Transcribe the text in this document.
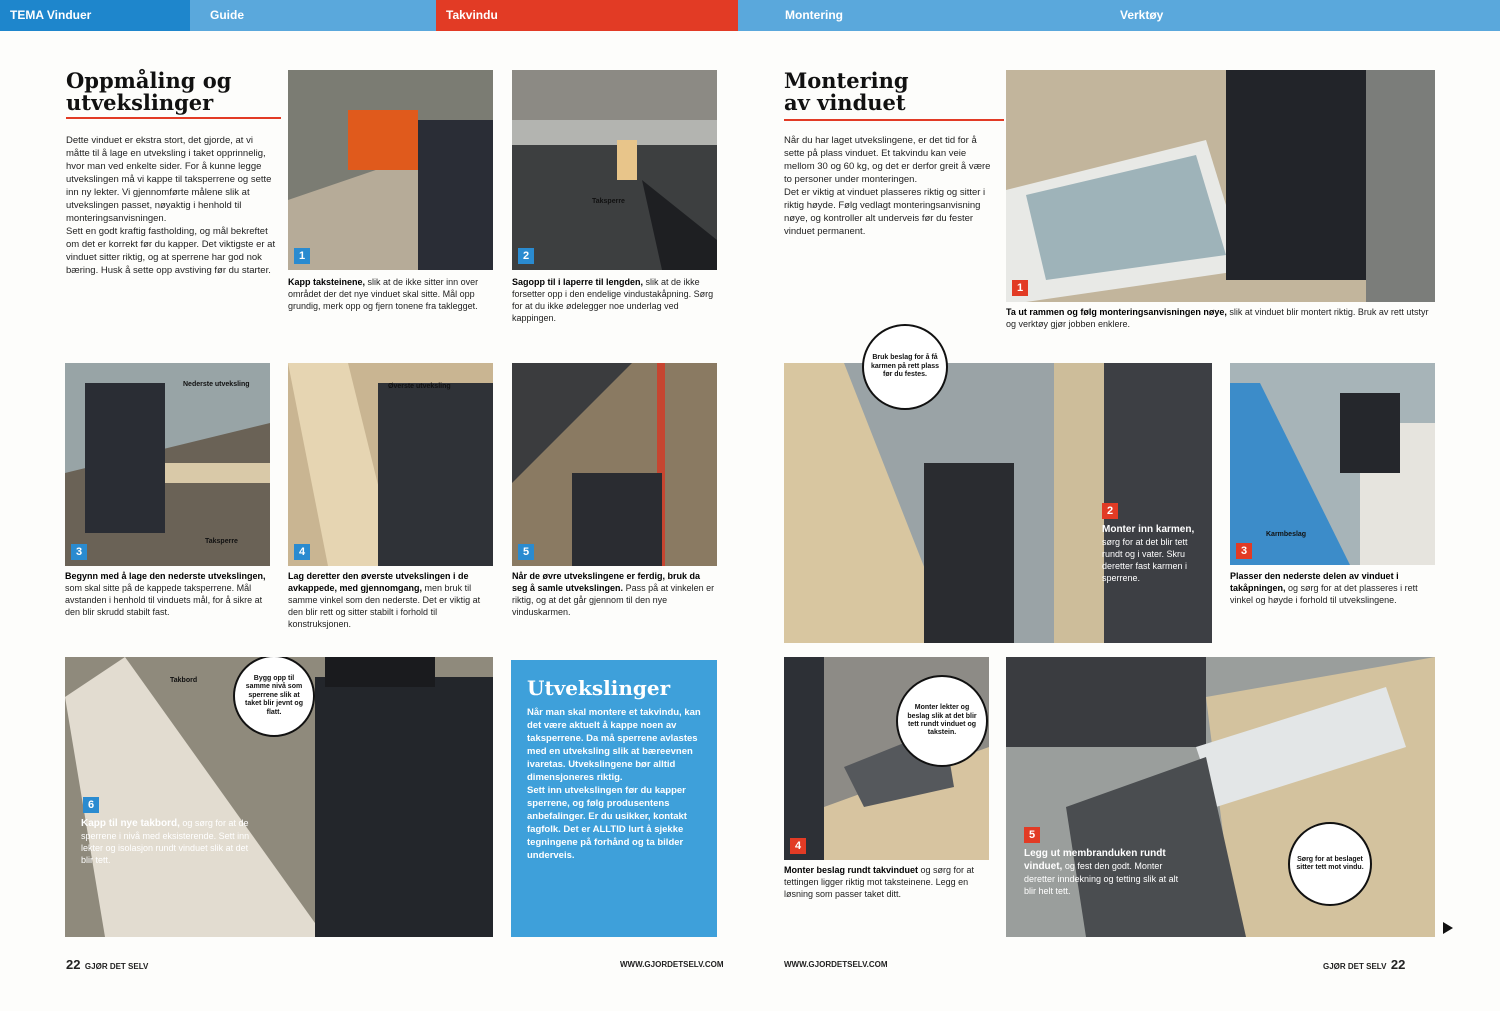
TEMA Vinduer	Guide	Takvindu	Montering	Verktøy
Oppmåling og
utvekslinger
Dette vinduet er ekstra stort, det gjorde, at vi måtte til å lage en utveksling i taket opprinnelig, hvor man ved enkelte sider. For å kunne legge utvekslingen må vi kappe til taksperrene og sette inn ny lekter. Vi gjennomførte målene slik at utvekslingen passet, nøyaktig i henhold til monteringsanvisningen.
Sett en godt kraftig fastholding, og mål bekreftet om det er korrekt før du kapper. Det viktigste er at vinduet sitter riktig, og at sperrene har god nok bæring. Husk å sette opp avstiving før du starter.
1
Taksperre
2
Kapp taksteinene, slik at de ikke sitter inn over området der det nye vinduet skal sitte. Mål opp grundig, merk opp og fjern tonene fra taklegget.
Sagopp til i laperre til lengden, slik at de ikke forsetter opp i den endelige vindustakåpning. Sørg for at du ikke ødelegger noe underlag ved kappingen.
Nederste utveksling
Taksperre
3
Øverste utveksling
4	5
Begynn med å lage den nederste utvekslingen, som skal sitte på de kappede taksperrene. Mål avstanden i henhold til vinduets mål, for å sikre at den blir skrudd stabilt fast.
Lag deretter den øverste utvekslingen i de avkappede, med gjennomgang, men bruk til samme vinkel som den nederste. Det er viktig at den blir rett og sitter stabilt i forhold til konstruksjonen.
Når de øvre utvekslingene er ferdig, bruk da seg å samle utvekslingen. Pass på at vinkelen er riktig, og at det går gjennom til den nye vinduskarmen.
Takbord	Bygg opp til samme nivå som sperrene slik at taket blir jevnt og flatt.
6
Kapp til nye takbord, og sørg for at de sperrene i nivå med eksisterende. Sett inn lekter og isolasjon rundt vinduet slik at det blir tett.
Utvekslinger
Når man skal montere et takvindu, kan det være aktuelt å kappe noen av taksperrene. Da må sperrene avlastes med en utveksling slik at bæreevnen ivaretas. Utvekslingene bør alltid dimensjoneres riktig.
Sett inn utvekslingen før du kapper sperrene, og følg produsentens anbefalinger. Er du usikker, kontakt fagfolk. Det er ALLTID lurt å sjekke tegningene på forhånd og ta bilder underveis.
22 GJØR DET SELV	WWW.GJORDETSELV.COM
Montering
av vinduet
Når du har laget utvekslingene, er det tid for å sette på plass vinduet. Et takvindu kan veie mellom 30 og 60 kg, og det er derfor greit å være to personer under monteringen.
Det er viktig at vinduet plasseres riktig og sitter i riktig høyde. Følg vedlagt monteringsanvisning nøye, og kontroller alt underveis før du fester vinduet permanent.
1
Ta ut rammen og følg monteringsanvisningen nøye, slik at vinduet blir montert riktig. Bruk av rett utstyr og verktøy gjør jobben enklere.
2
Monter inn karmen, sørg for at det blir tett rundt og i vater. Skru deretter fast karmen i sperrene.
Bruk beslag for å få karmen på rett plass før du festes.
Karmbeslag
3
Plasser den nederste delen av vinduet i takåpningen, og sørg for at det plasseres i rett vinkel og høyde i forhold til utvekslingene.
4
Monter lekter og beslag slik at det blir tett rundt vinduet og takstein.
Monter beslag rundt takvinduet og sørg for at tettingen ligger riktig mot taksteinene. Legg en løsning som passer taket ditt.
5
Legg ut membranduken rundt vinduet, og fest den godt. Monter deretter inndekning og tetting slik at alt blir helt tett.
Sørg for at beslaget sitter tett mot vindu.
WWW.GJORDETSELV.COM	GJØR DET SELV 22
